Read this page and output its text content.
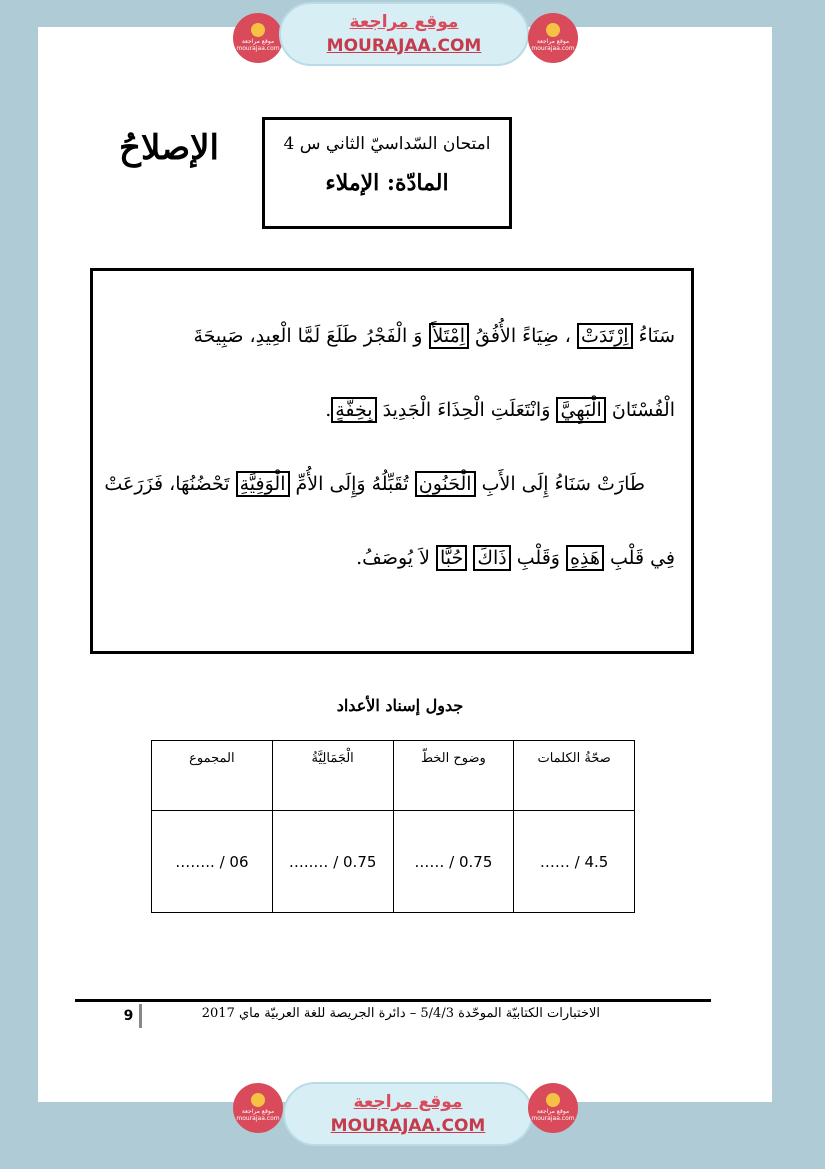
موقع مراجعة mourajaa.com
موقع مراجعة
MOURAJAA.COM	موقع مراجعة mourajaa.com
الإصلاحُ	امتحان السّداسيّ الثاني س 4
المادّة: الإملاء
سَنَاءُ اِرْتَدَتْ ، ضِيَاءً الأُفُقُ اِمْتَلأَ وَ الْفَجْرُ طَلَعَ لَمَّا الْعِيدِ، صَبِيحَةَ
الْفُسْتَانَ الْبَهِيَّ وَانْتَعَلَتِ الْحِذَاءَ الْجَدِيدَ بِخِفَّةٍ.
طَارَتْ سَنَاءُ إِلَى الأَبِ الْحَنُونِ تُقَبِّلُهُ وَإِلَى الأُمِّ الْوَفِيَّةِ تَحْضُنُهَا، فَزَرَعَتْ
فِي قَلْبِ هَذِهِ وَقَلْبِ ذَاكَ حُبًّا لاَ يُوصَفُ.
جدول إسناد الأعداد
صحّةُ الكلمات	وضوح الخطّ	الْجَمَالِيَّةُ	المجموع
…… / 4.5	…… / 0.75	…..… / 0.75	…….. / 06
9	الاختبارات الكتابيّة الموحّدة 5/4/3 – دائرة الجريصة للغة العربيّة ماي 2017
موقع مراجعة mourajaa.com
موقع مراجعة
MOURAJAA.COM
موقع مراجعة mourajaa.com
